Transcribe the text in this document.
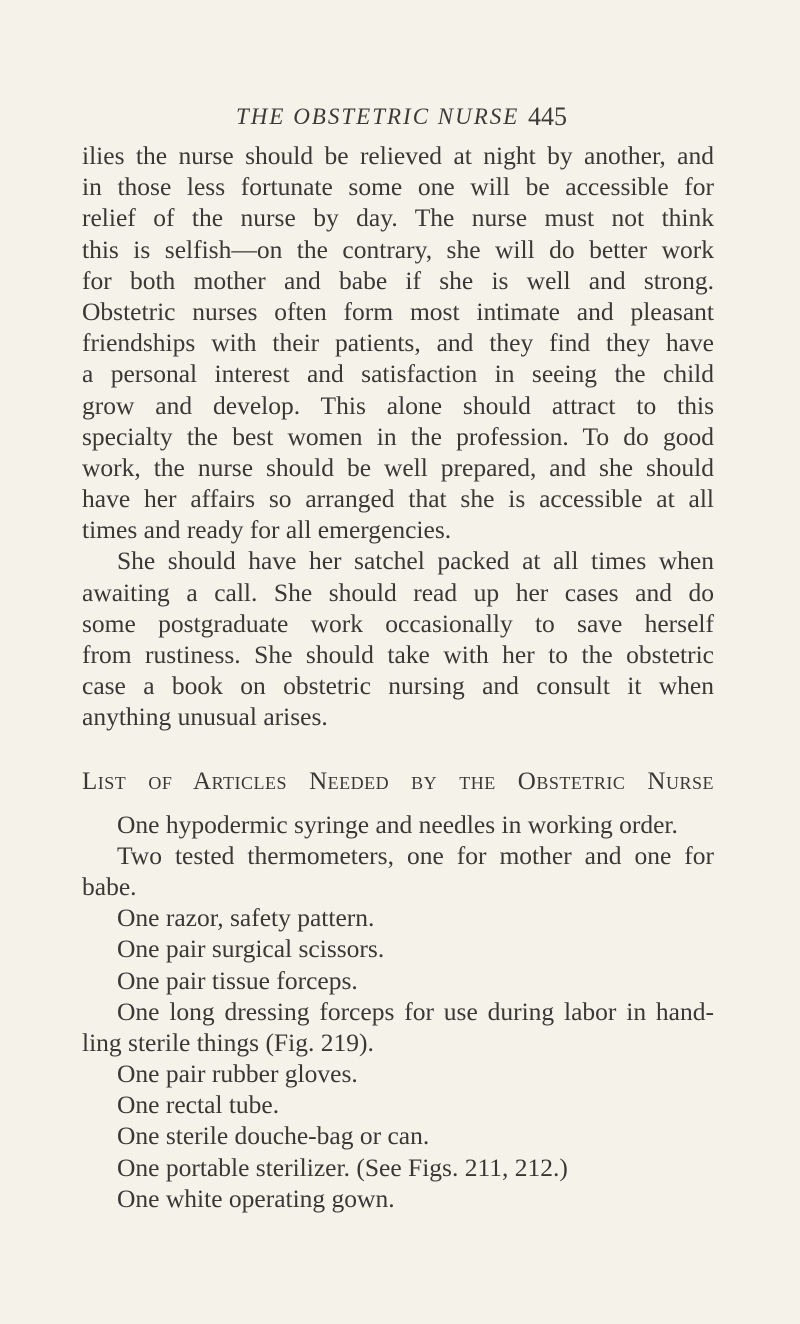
THE OBSTETRIC NURSE 445
ilies the nurse should be relieved at night by another, and
in those less fortunate some one will be accessible for
relief of the nurse by day. The nurse must not think
this is selfish—on the contrary, she will do better work
for both mother and babe if she is well and strong.
Obstetric nurses often form most intimate and pleasant
friendships with their patients, and they find they have
a personal interest and satisfaction in seeing the child
grow and develop. This alone should attract to this
specialty the best women in the profession. To do good
work, the nurse should be well prepared, and she should
have her affairs so arranged that she is accessible at all
times and ready for all emergencies.
She should have her satchel packed at all times when
awaiting a call. She should read up her cases and do
some postgraduate work occasionally to save herself
from rustiness. She should take with her to the obstetric
case a book on obstetric nursing and consult it when
anything unusual arises.
List of Articles Needed by the Obstetric Nurse
One hypodermic syringe and needles in working order.
Two tested thermometers, one for mother and one for
babe.
One razor, safety pattern.
One pair surgical scissors.
One pair tissue forceps.
One long dressing forceps for use during labor in hand-
ling sterile things (Fig. 219).
One pair rubber gloves.
One rectal tube.
One sterile douche-bag or can.
One portable sterilizer. (See Figs. 211, 212.)
One white operating gown.
